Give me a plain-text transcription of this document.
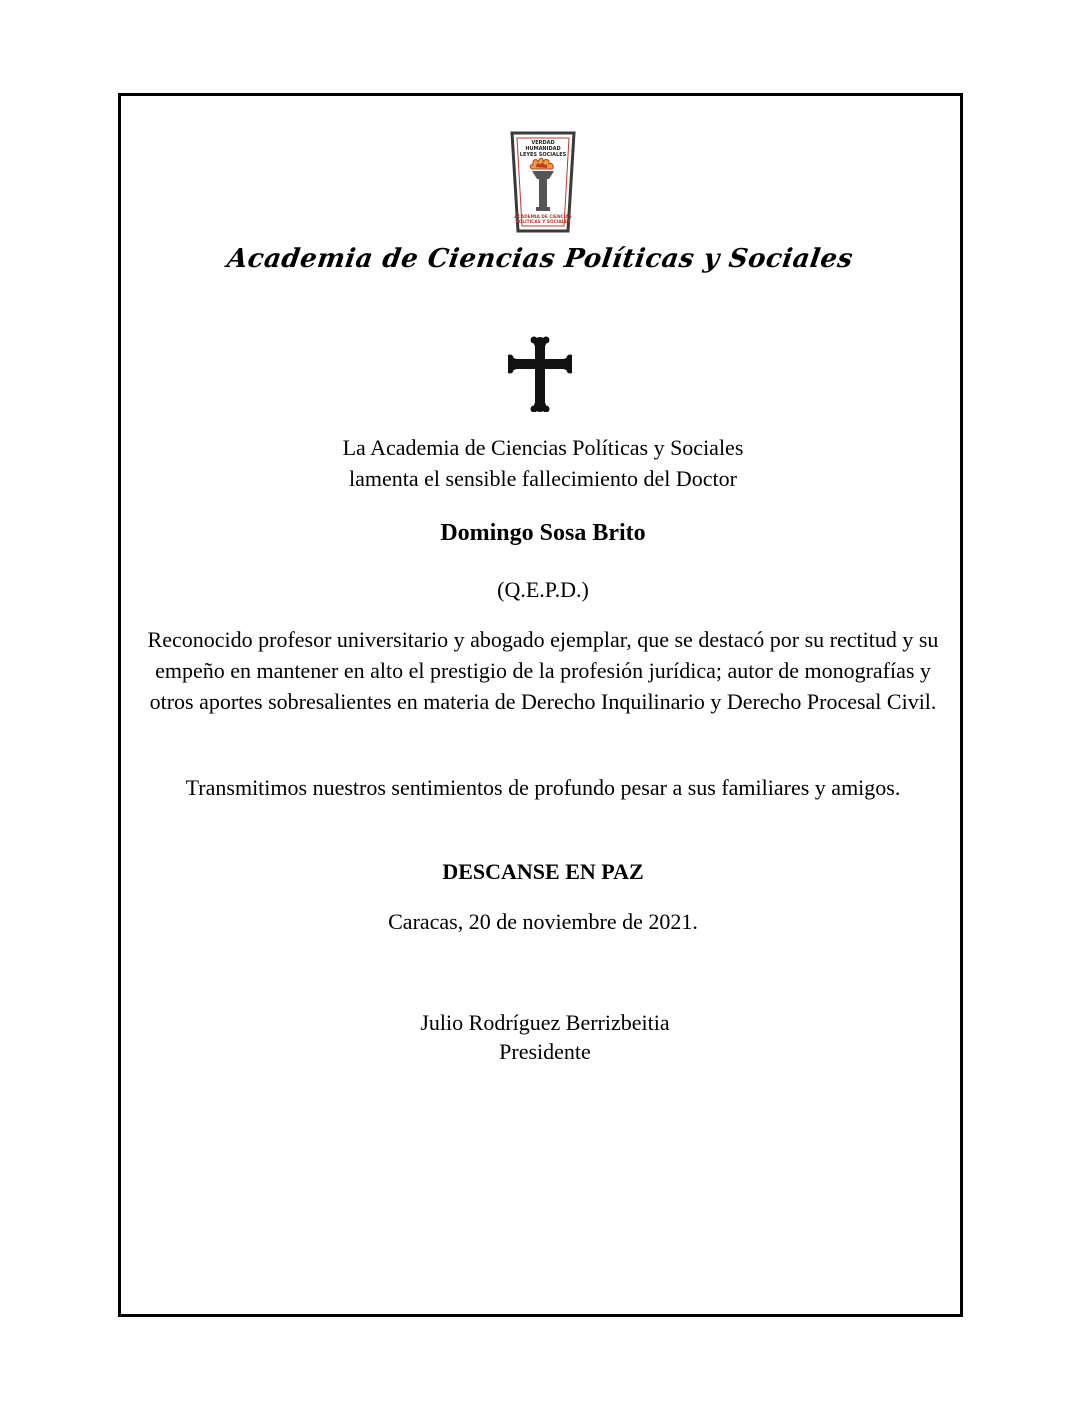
VERDAD
HUMANIDAD
LEYES SOCIALES
ACADEMIA DE CIENCIAS
POLITICAS Y SOCIALES
Academia de Ciencias Políticas y Sociales
La Academia de Ciencias Políticas y Sociales
lamenta el sensible fallecimiento del Doctor
Domingo Sosa Brito
(Q.E.P.D.)
Reconocido profesor universitario y abogado ejemplar, que se destacó por su rectitud y su empeño en mantener en alto el prestigio de la profesión jurídica; autor de monografías y otros aportes sobresalientes en materia de Derecho Inquilinario y Derecho Procesal Civil.
Transmitimos nuestros sentimientos de profundo pesar a sus familiares y amigos.
DESCANSE EN PAZ
Caracas, 20 de noviembre de 2021.
Julio Rodríguez Berrizbeitia
Presidente
